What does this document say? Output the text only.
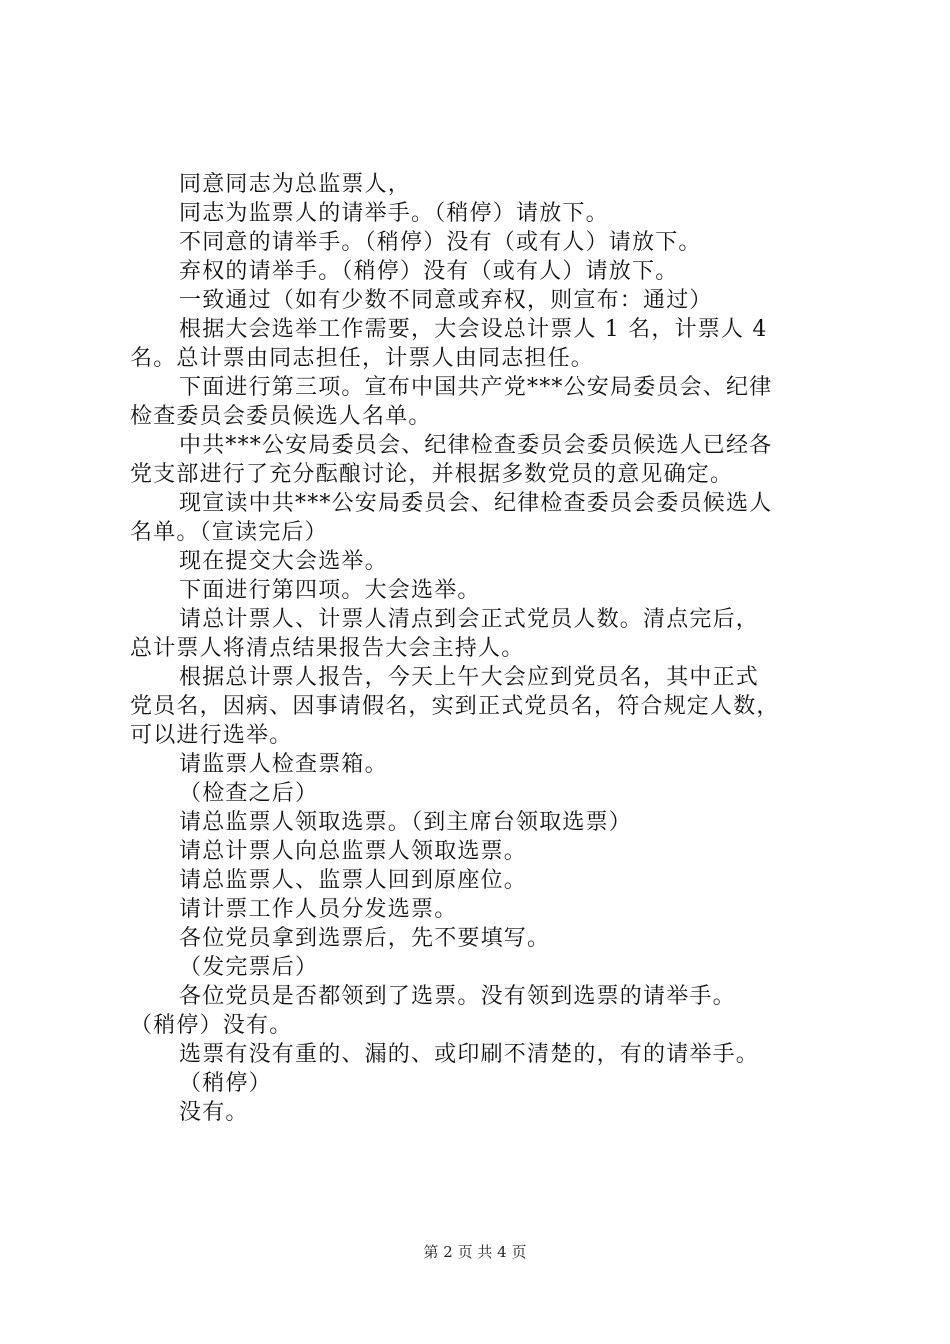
同意同志为总监票人，
同志为监票人的请举手。（稍停）请放下。
不同意的请举手。（稍停）没有（或有人）请放下。
弃权的请举手。（稍停）没有（或有人）请放下。
一致通过（如有少数不同意或弃权，则宣布：通过）
根据大会选举工作需要，大会设总计票人 1 名，计票人 4
名。总计票由同志担任，计票人由同志担任。
下面进行第三项。宣布中国共产党***公安局委员会、纪律
检查委员会委员候选人名单。
中共***公安局委员会、纪律检查委员会委员候选人已经各
党支部进行了充分酝酿讨论，并根据多数党员的意见确定。
现宣读中共***公安局委员会、纪律检查委员会委员候选人
名单。（宣读完后）
现在提交大会选举。
下面进行第四项。大会选举。
请总计票人、计票人清点到会正式党员人数。清点完后，
总计票人将清点结果报告大会主持人。
根据总计票人报告，今天上午大会应到党员名，其中正式
党员名，因病、因事请假名，实到正式党员名，符合规定人数，
可以进行选举。
请监票人检查票箱。
（检查之后）
请总监票人领取选票。（到主席台领取选票）
请总计票人向总监票人领取选票。
请总监票人、监票人回到原座位。
请计票工作人员分发选票。
各位党员拿到选票后，先不要填写。
（发完票后）
各位党员是否都领到了选票。没有领到选票的请举手。
（稍停）没有。
选票有没有重的、漏的、或印刷不清楚的，有的请举手。
（稍停）
没有。
第 2 页 共 4 页
